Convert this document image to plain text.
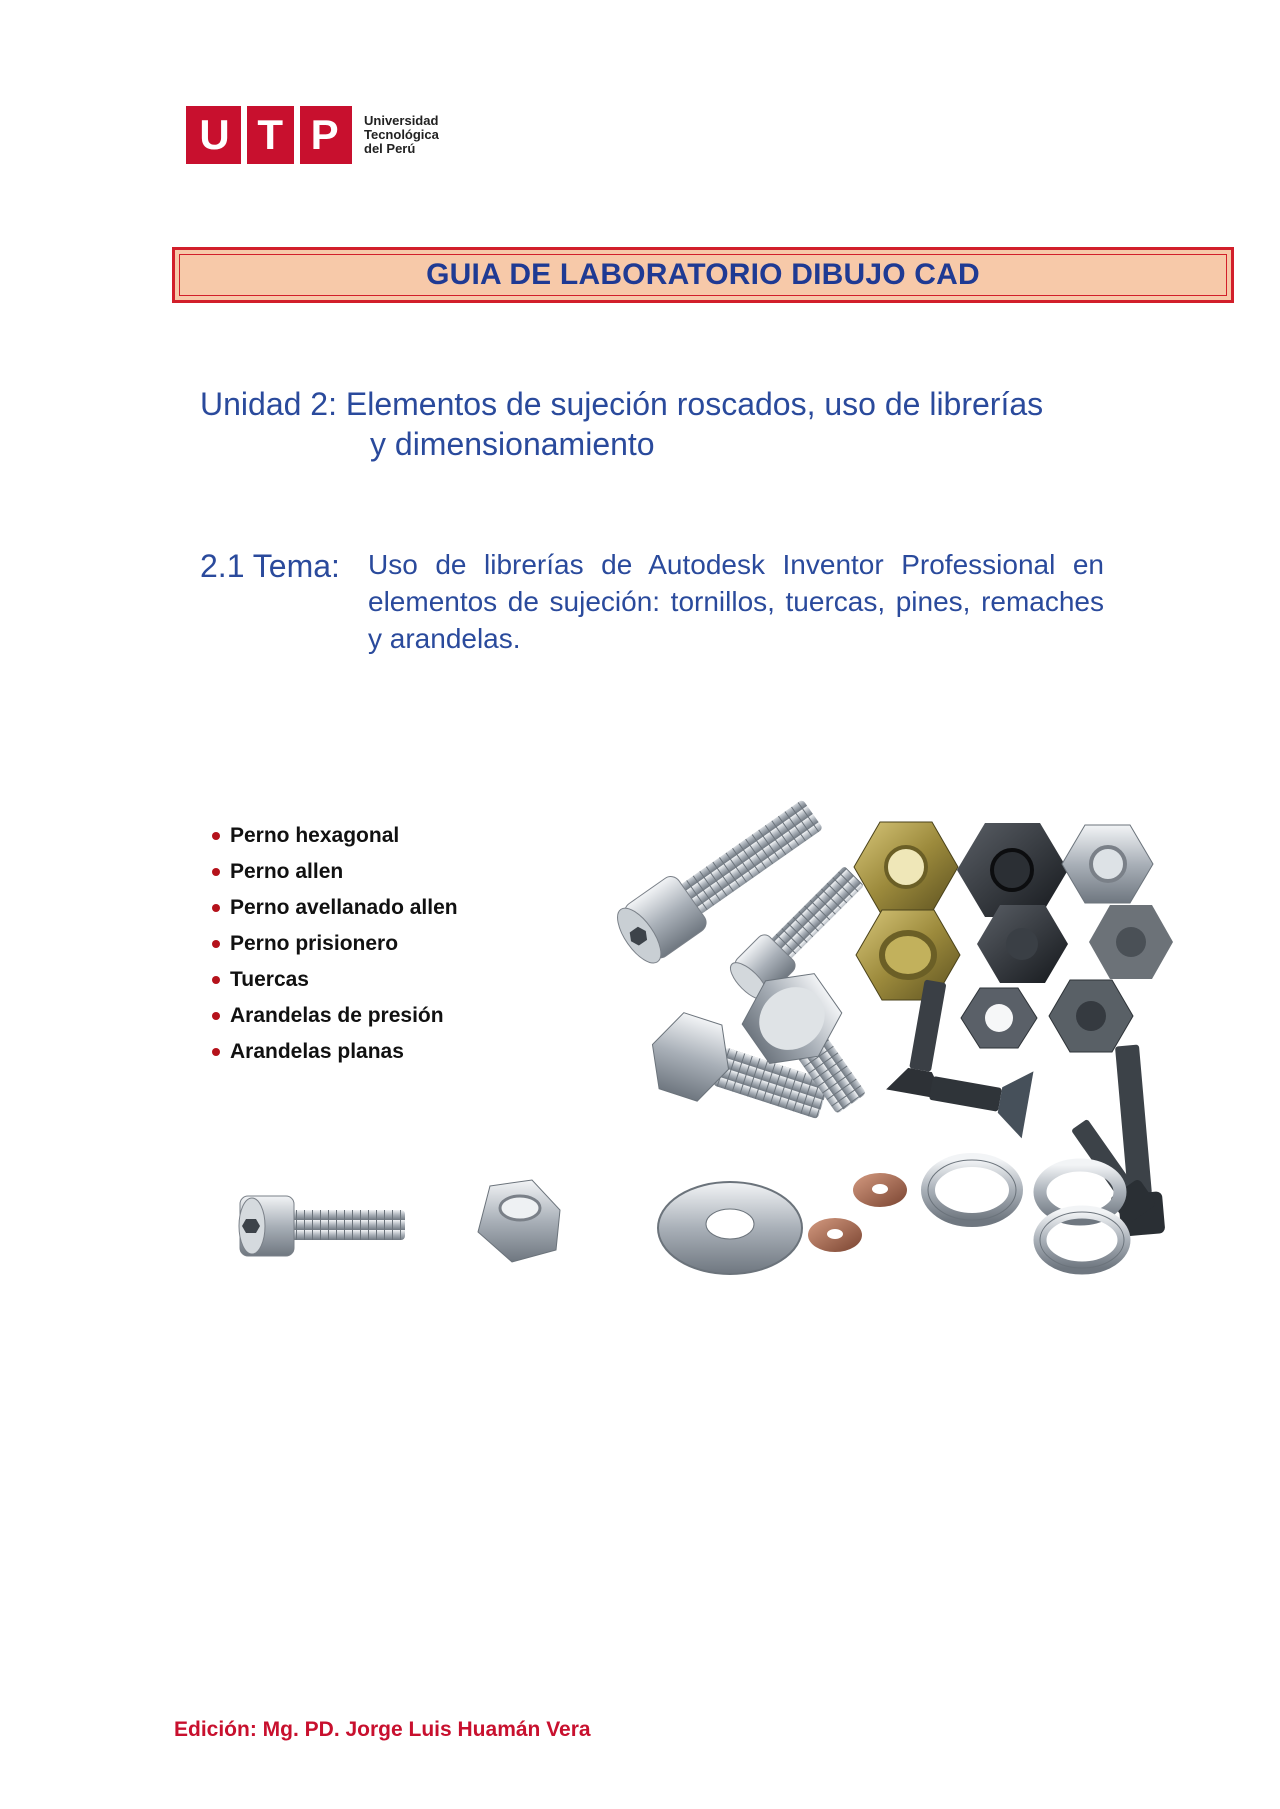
U T P Universidad
Tecnológica
del Perú
GUIA DE LABORATORIO DIBUJO CAD
Unidad 2: Elementos de sujeción roscados, uso de librerías
y dimensionamiento
2.1 Tema: Uso de librerías de Autodesk Inventor Professional en elementos de sujeción: tornillos, tuercas, pines, remaches y arandelas.
Perno hexagonal
Perno allen
Perno avellanado allen
Perno prisionero
Tuercas
Arandelas de presión
Arandelas planas
Edición: Mg. PD. Jorge Luis Huamán Vera
